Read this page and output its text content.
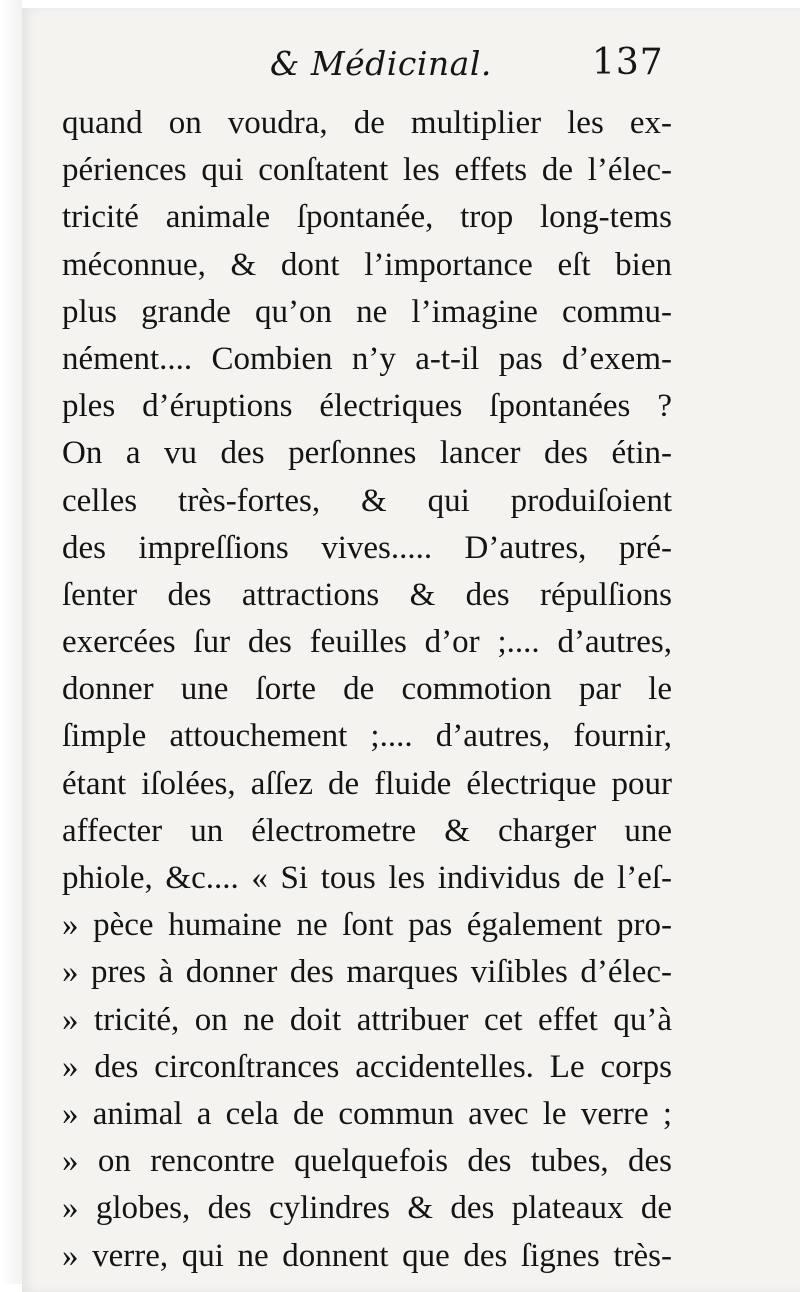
& Médicinal.	137
quand on voudra, de multiplier les ex-
périences qui conſtatent les effets de l’élec-
tricité animale ſpontanée, trop long-tems
méconnue, & dont l’importance eſt bien
plus grande qu’on ne l’imagine commu-
nément.... Combien n’y a-t-il pas d’exem-
ples d’éruptions électriques ſpontanées ?
On a vu des perſonnes lancer des étin-
celles très-fortes, & qui produiſoient
des impreſſions vives..... D’autres, pré-
ſenter des attractions & des répulſions
exercées ſur des feuilles d’or ;.... d’autres,
donner une ſorte de commotion par le
ſimple attouchement ;.... d’autres, fournir,
étant iſolées, aſſez de fluide électrique pour
affecter un électrometre & charger une
phiole, &c.... « Si tous les individus de l’eſ-
» pèce humaine ne ſont pas également pro-
» pres à donner des marques viſibles d’élec-
» tricité, on ne doit attribuer cet effet qu’à
» des circonſtrances accidentelles. Le corps
» animal a cela de commun avec le verre ;
» on rencontre quelquefois des tubes, des
» globes, des cylindres & des plateaux de
» verre, qui ne donnent que des ſignes très-
